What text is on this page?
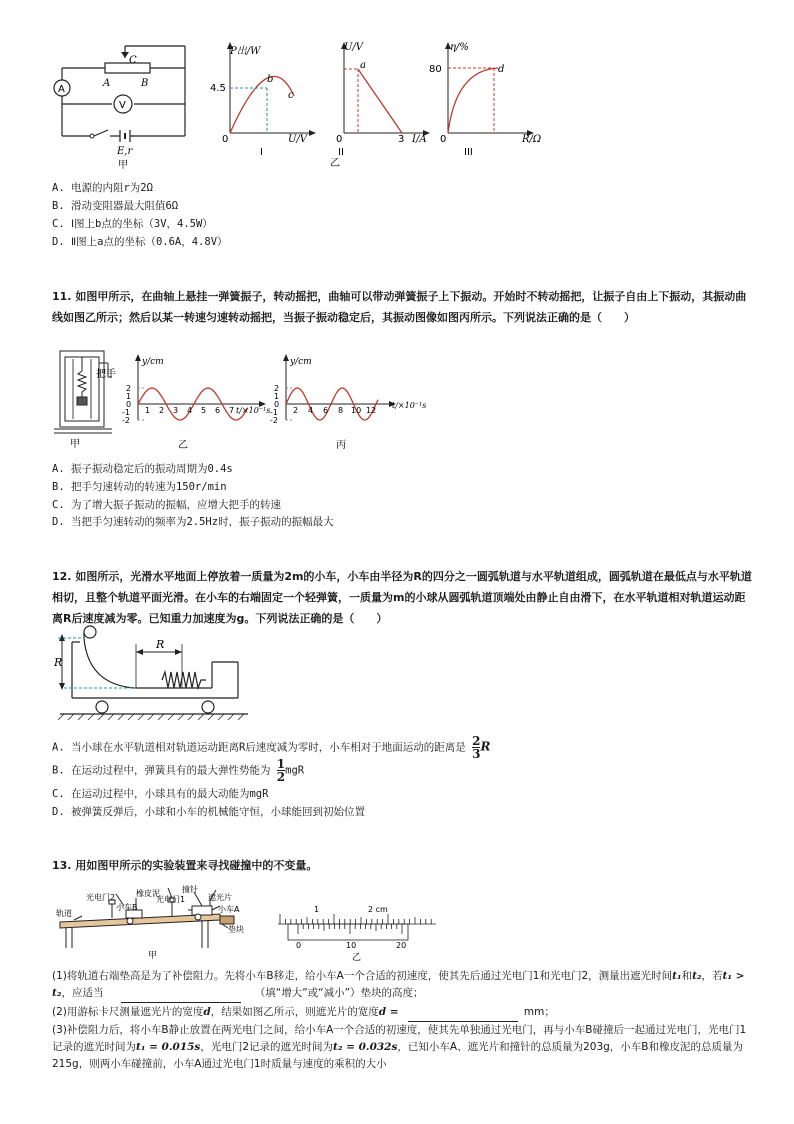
A
V
A	B
C
E,r
甲
P出/W
4.5
b
c
0	U/V
I
U/V
a
0	3 I/A
II
乙
η/%
80	d
0	R/Ω
III
A. 电源的内阻r为2Ω
B. 滑动变阻器最大阻值6Ω
C. Ⅰ图上b点的坐标（3V，4.5W）
D. Ⅱ图上a点的坐标（0.6A，4.8V）
11. 如图甲所示，在曲轴上悬挂一弹簧振子，转动摇把，曲轴可以带动弹簧振子上下振动。开始时不转动摇把，让振子自由上下振动，其振动曲线如图乙所示；然后以某一转速匀速转动摇把，当振子振动稳定后，其振动图像如图丙所示。下列说法正确的是（　　）
把手
甲
y/cm
2
1
0
-1
-2
1 2 3 4 5 6 7 t/×10⁻¹s
乙
y/cm
2
1
0
-1
-2
2 4 6 8 10 12
t/×10⁻¹s
丙
A. 振子振动稳定后的振动周期为0.4s
B. 把手匀速转动的转速为150r/min
C. 为了增大振子振动的振幅，应增大把手的转速
D. 当把手匀速转动的频率为2.5Hz时，振子振动的振幅最大
12. 如图所示，光滑水平地面上停放着一质量为2m的小车，小车由半径为R的四分之一圆弧轨道与水平轨道组成，圆弧轨道在最低点与水平轨道相切，且整个轨道平面光滑。在小车的右端固定一个轻弹簧，一质量为m的小球从圆弧轨道顶端处由静止自由滑下，在水平轨道相对轨道运动距离R后速度减为零。已知重力加速度为g。下列说法正确的是（　　）
R
R
A. 当小球在水平轨道相对轨道运动距离R后速度减为零时，小车相对于地面运动的距离是 $\frac{2}{3}$ R
B. 在运动过程中，弹簧具有的最大弹性势能为 $\frac{1}{2}$ mgR
C. 在运动过程中，小球具有的最大动能为mgR
D. 被弹簧反弹后，小球和小车的机械能守恒，小球能回到初始位置
13. 用如图甲所示的实验装置来寻找碰撞中的不变量。
橡皮泥
光电门2	光电门1
撞针
遮光片
小车B	小车A
轨道
垫块
甲
1	2 cm
0	10	20
乙
(1)将轨道右端垫高是为了补偿阻力。先将小车B移走，给小车A一个合适的初速度，使其先后通过光电门1和光电门2，测量出遮光时间t₁和t₂，若t₁ > t₂，应适当	（填“增大”或“减小”）垫块的高度；
(2)用游标卡尺测量遮光片的宽度d，结果如图乙所示，则遮光片的宽度d =	mm；
(3)补偿阻力后，将小车B静止放置在两光电门之间，给小车A一个合适的初速度，使其先单独通过光电门，再与小车B碰撞后一起通过光电门，光电门1记录的遮光时间为t₁ = 0.015s，光电门2记录的遮光时间为t₂ = 0.032s，已知小车A、遮光片和撞针的总质量为203g，小车B和橡皮泥的总质量为215g，则两小车碰撞前，小车A通过光电门1时质量与速度的乘积的大小
